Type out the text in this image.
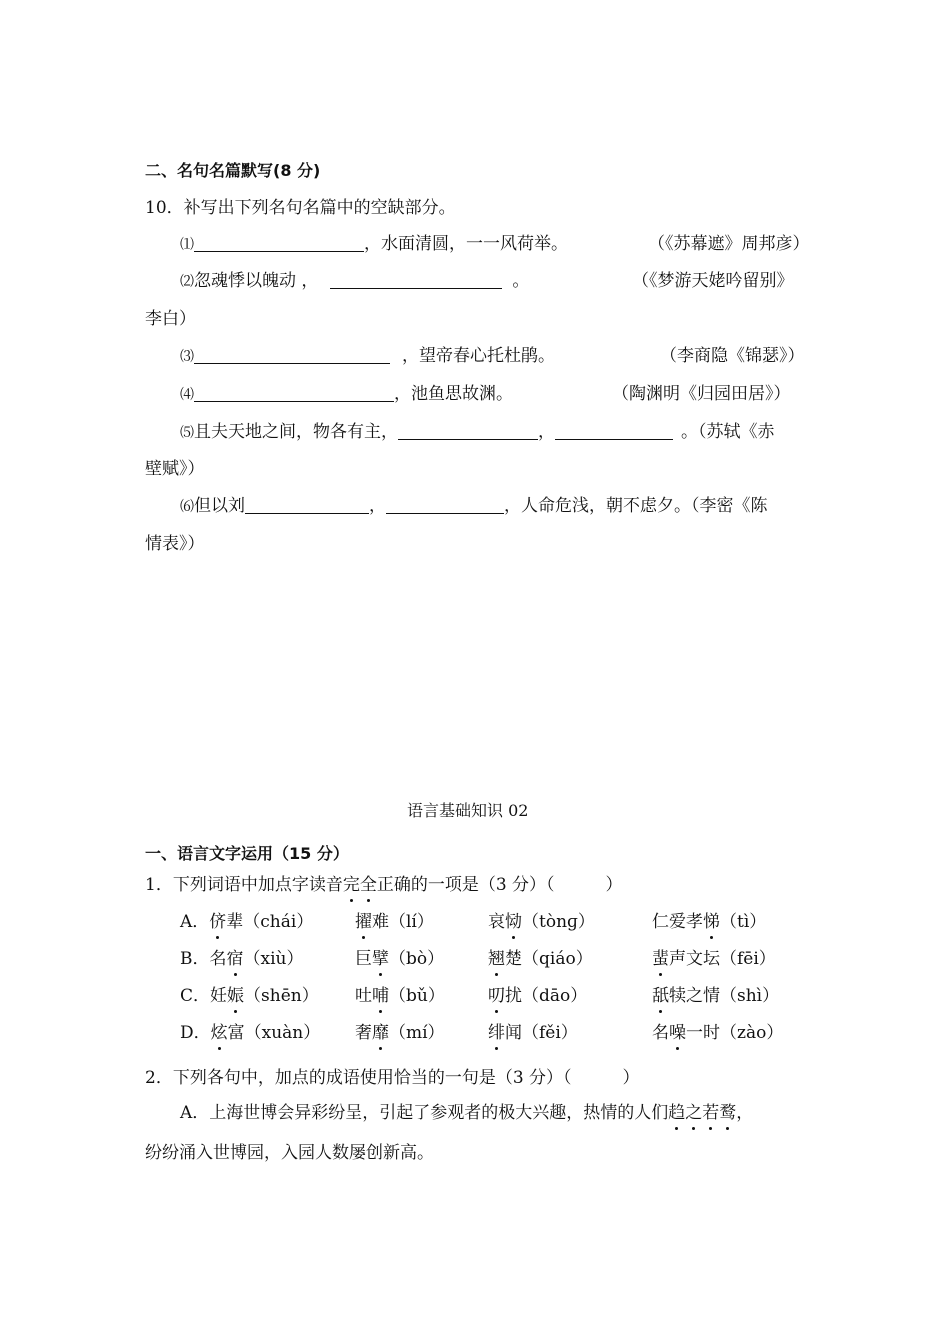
二、名句名篇默写(8 分)
10．补写出下列名句名篇中的空缺部分。
⑴	，水面清圆，一一风荷举。	（《苏幕遮》周邦彦）
⑵忽魂悸以魄动 ，	。	（《梦游天姥吟留别》
李白）
⑶	，望帝春心托杜鹃。	（李商隐《锦瑟》）
⑷	，池鱼思故渊。	（陶渊明《归园田居》）
⑸且夫天地之间，物各有主，	，	。（苏轼《赤
壁赋》）
⑹但以刘	，	，人命危浅，朝不虑夕。（李密《陈
情表》）
语言基础知识 02
一、语言文字运用（15 分）
1．下列词语中加点字读音完全正确的一项是（3 分）（　　　）
A．侪辈（chái） 擢难（lí）	哀恸（tònɡ）	仁爱孝悌（tì）
B．名宿（xiù）	巨擘（bò）	翘楚（qiáo）	蜚声文坛（fēi）
C．妊娠（shēn） 吐哺（bǔ）	叨扰（dāo）	舐犊之情（shì）
D．炫富（xuàn） 奢靡（mí）	绯闻（fěi）	名噪一时（zào）
2．下列各句中，加点的成语使用恰当的一句是（3 分）（　　　）
A．上海世博会异彩纷呈，引起了参观者的极大兴趣，热情的人们趋之若鹜，
纷纷涌入世博园，入园人数屡创新高。
